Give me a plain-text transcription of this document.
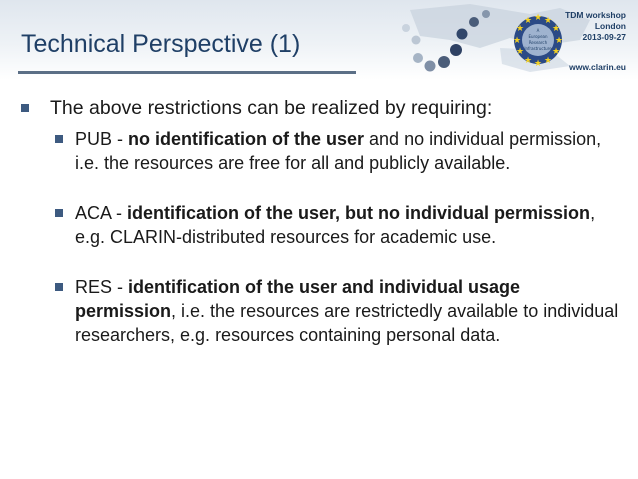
★ ★
★
★
★
★
★
★
★
★
★
★
A
European
Research
Infrastructure
TDM workshop
London
2013-09-27
www.clarin.eu
Technical Perspective (1)
The above restrictions can be realized by requiring:
PUB - no identification of the user and no individual permission, i.e. the resources are free for all and publicly available.
ACA - identification of the user, but no individual permission, e.g. CLARIN-distributed resources for academic use.
RES - identification of the user and individual usage permission, i.e. the resources are restrictedly available to individual researchers, e.g. resources containing personal data.
